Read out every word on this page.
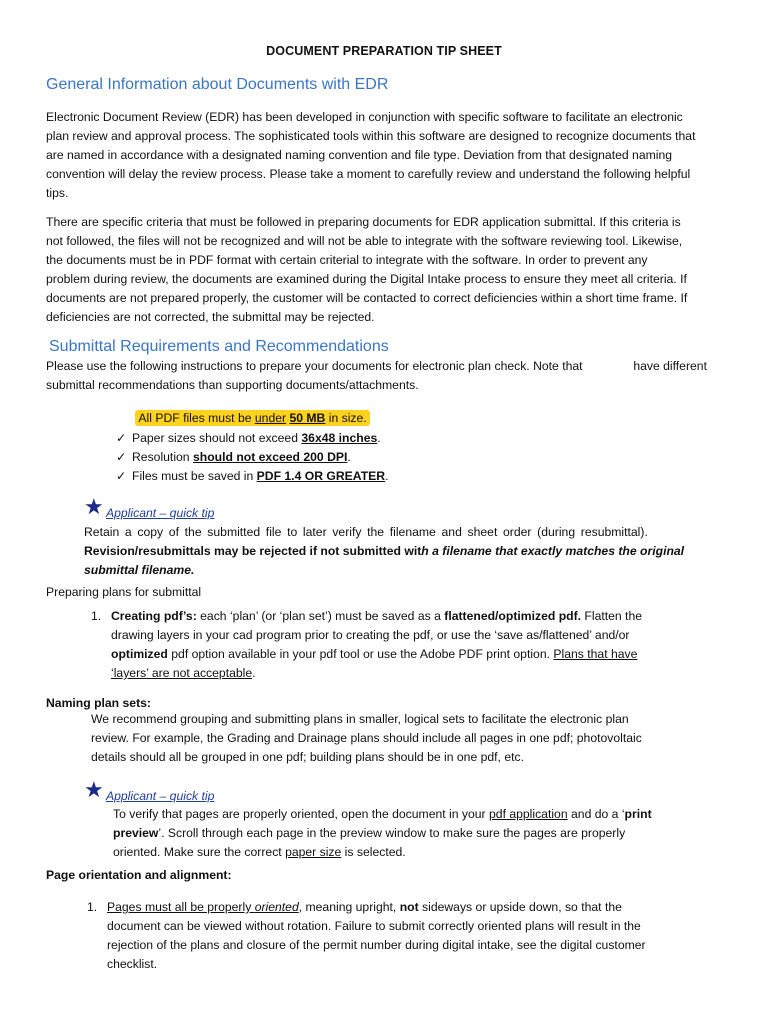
DOCUMENT PREPARATION TIP SHEET
General Information about Documents with EDR
Electronic Document Review (EDR) has been developed in conjunction with specific software to facilitate an electronic
plan review and approval process. The sophisticated tools within this software are designed to recognize documents that
are named in accordance with a designated naming convention and file type. Deviation from that designated naming
convention will delay the review process. Please take a moment to carefully review and understand the following helpful
tips.
There are specific criteria that must be followed in preparing documents for EDR application submittal. If this criteria is
not followed, the files will not be recognized and will not be able to integrate with the software reviewing tool. Likewise,
the documents must be in PDF format with certain criterial to integrate with the software. In order to prevent any
problem during review, the documents are examined during the Digital Intake process to ensure they meet all criteria. If
documents are not prepared properly, the customer will be contacted to correct deficiencies within a short time frame. If
deficiencies are not corrected, the submittal may be rejected.
Submittal Requirements and Recommendations
Please use the following instructions to prepare your documents for electronic plan check. Note that	have different
submittal recommendations than supporting documents/attachments.
All PDF files must be under 50 MB in size.
✓ Paper sizes should not exceed 36x48 inches.
✓ Resolution should not exceed 200 DPI.
✓ Files must be saved in PDF 1.4 OR GREATER.
★ Applicant – quick tip
Retain a copy of the submitted file to later verify the filename and sheet order (during resubmittal).
Revision/resubmittals may be rejected if not submitted with a filename that exactly matches the original
submittal filename.
Preparing plans for submittal
1. Creating pdf’s: each ‘plan’ (or ‘plan set’) must be saved as a flattened/optimized pdf. Flatten the
drawing layers in your cad program prior to creating the pdf, or use the ‘save as/flattened’ and/or
optimized pdf option available in your pdf tool or use the Adobe PDF print option. Plans that have
‘layers’ are not acceptable.
Naming plan sets:
We recommend grouping and submitting plans in smaller, logical sets to facilitate the electronic plan
review. For example, the Grading and Drainage plans should include all pages in one pdf; photovoltaic
details should all be grouped in one pdf; building plans should be in one pdf, etc.
★ Applicant – quick tip
To verify that pages are properly oriented, open the document in your pdf application and do a ‘print
preview’. Scroll through each page in the preview window to make sure the pages are properly
oriented. Make sure the correct paper size is selected.
Page orientation and alignment:
1. Pages must all be properly oriented, meaning upright, not sideways or upside down, so that the
document can be viewed without rotation. Failure to submit correctly oriented plans will result in the
rejection of the plans and closure of the permit number during digital intake, see the digital customer
checklist.
